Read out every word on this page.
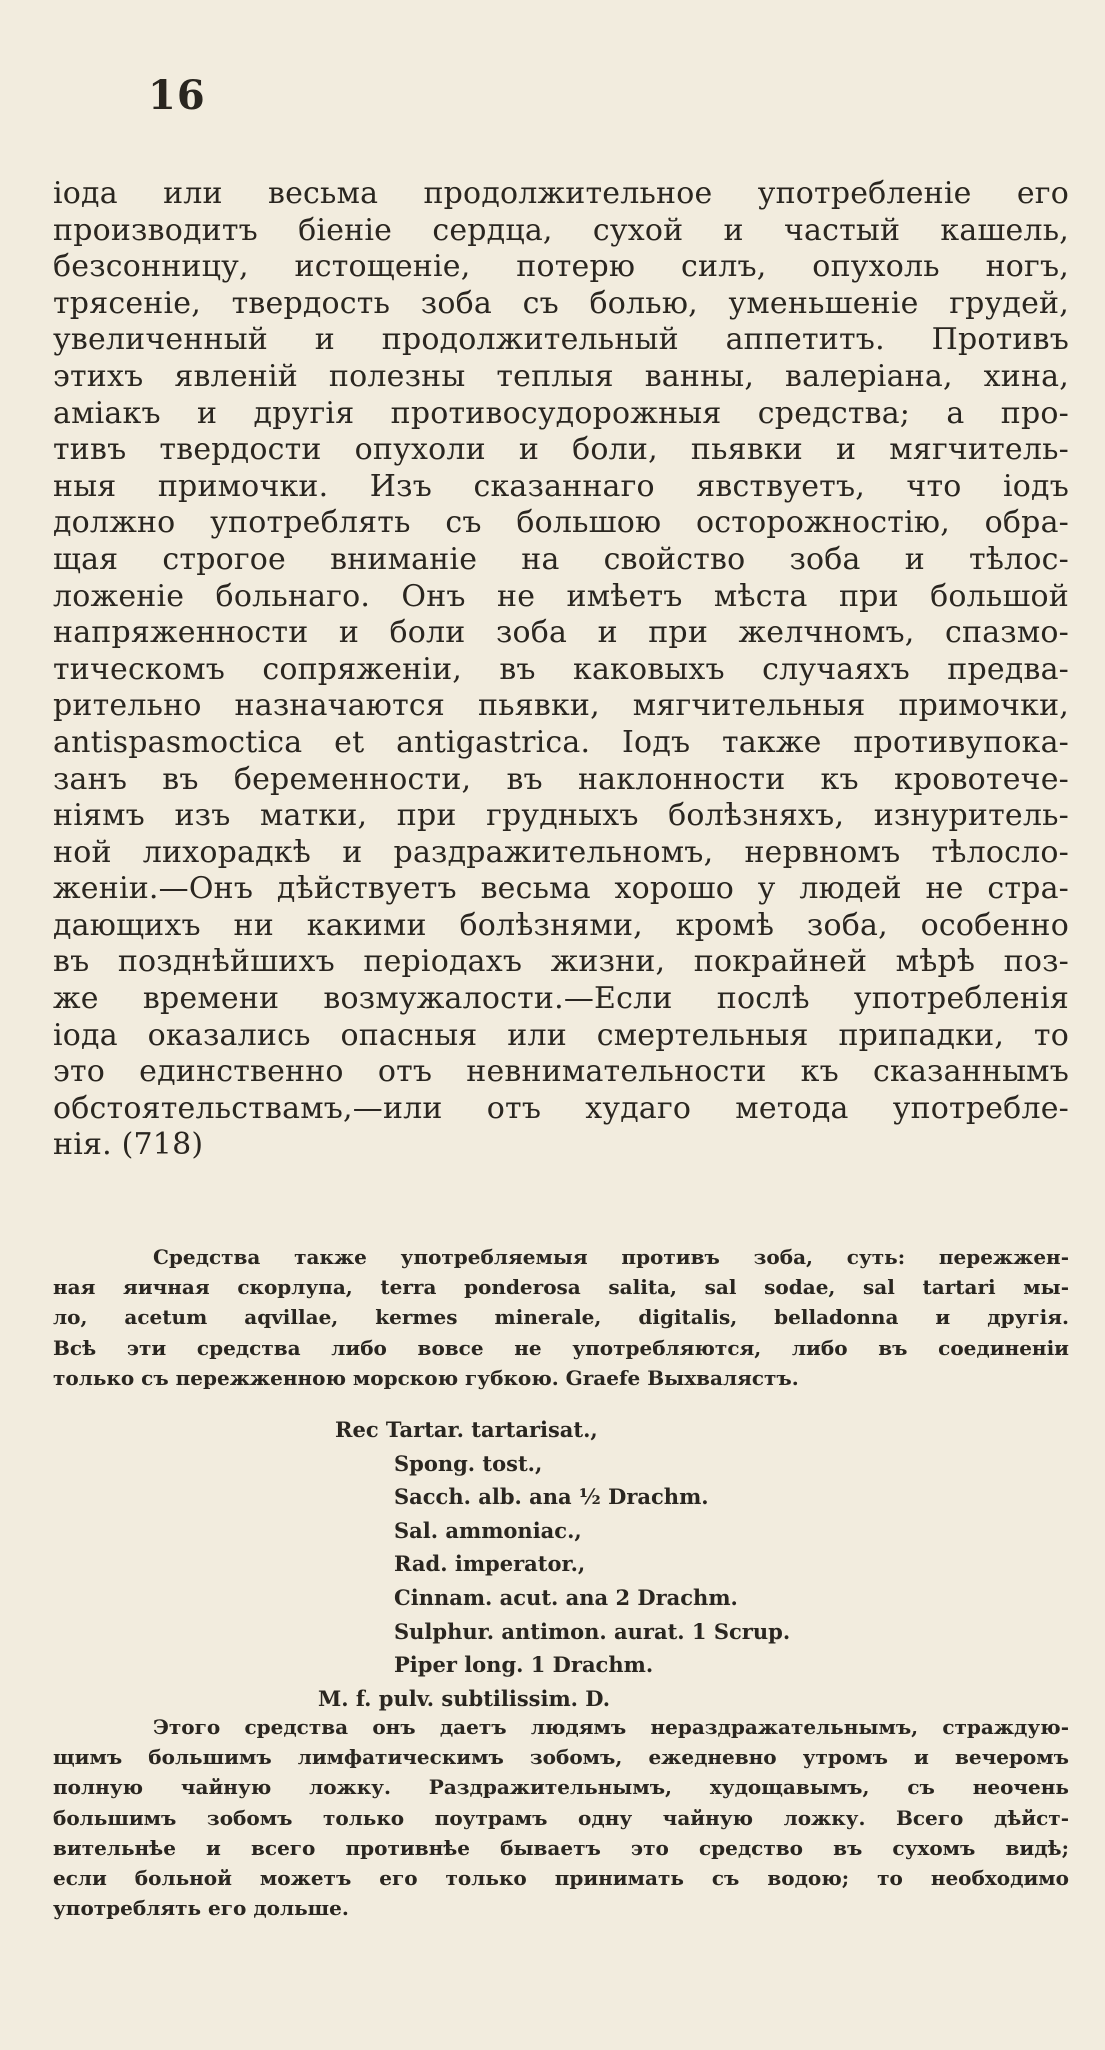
16
іода или весьма продолжительное употребленіе его
производитъ біеніе сердца, сухой и частый кашель,
безсонницу, истощеніе, потерю силъ, опухоль ногъ,
трясеніе, твердость зоба съ болью, уменьшеніе грудей,
увеличенный и продолжительный аппетитъ. Противъ
этихъ явленій полезны теплыя ванны, валеріана, хина,
амiакъ и другія противосудорожныя средства; а про-
тивъ твердости опухоли и боли, пьявки и мягчитель-
ныя примочки. Изъ сказаннаго явствуетъ, что іодъ
должно употреблять съ большою осторожностію, обра-
щая строгое вниманіе на свойство зоба и тѣлос-
ложеніе больнаго. Онъ не имѣетъ мѣста при большой
напряженности и боли зоба и при желчномъ, спазмо-
тическомъ сопряженіи, въ каковыхъ случаяхъ предва-
рительно назначаются пьявки, мягчительныя примочки,
antispasmoctica et antigastrica. Іодъ также противупока-
занъ въ беременности, въ наклонности къ кровотече-
ніямъ изъ матки, при грудныхъ болѣзняхъ, изнуритель-
ной лихорадкѣ и раздражительномъ, нервномъ тѣлосло-
женіи.—Онъ дѣйствуетъ весьма хорошо у людей не стра-
дающихъ ни какими болѣзнями, кромѣ зоба, особенно
въ позднѣйшихъ періодахъ жизни, покрайней мѣрѣ поз-
же времени возмужалости.—Если послѣ употребленія
іода оказались опасныя или смертельныя припадки, то
это единственно отъ невнимательности къ сказаннымъ
обстоятельствамъ,—или отъ худаго метода употребле-
нія. (718)
Средства также употребляемыя противъ зоба, суть: пережжен-
ная яичная скорлупа, terra ponderosa salita, sal sodae, sal tartari мы-
ло, acetum aqvillae, kermes minerale, digitalis, belladonna и другія.
Всѣ эти средства либо вовсе не употребляются, либо въ соединеніи
только съ пережженною морскою губкою. Graefe Выхвалястъ.
Rec Tartar. tartarisat.,
Spong. tost.,
Sacch. alb. ana ½ Drachm.
Sal. ammoniac.,
Rad. imperator.,
Cinnam. acut. ana 2 Drachm.
Sulphur. antimon. aurat. 1 Scrup.
Piper long. 1 Drachm.
M. f. pulv. subtilissim. D.
Этого средства онъ даетъ людямъ нераздражательнымъ, страждую-
щимъ большимъ лимфатическимъ зобомъ, ежедневно утромъ и вечеромъ
полную чайную ложку. Раздражительнымъ, худощавымъ, съ неочень
большимъ зобомъ только поутрамъ одну чайную ложку. Всего дѣйст-
вительнѣе и всего противнѣе бываетъ это средство въ сухомъ видѣ;
если больной можетъ его только принимать съ водою; то необходимо
употреблять его дольше.
